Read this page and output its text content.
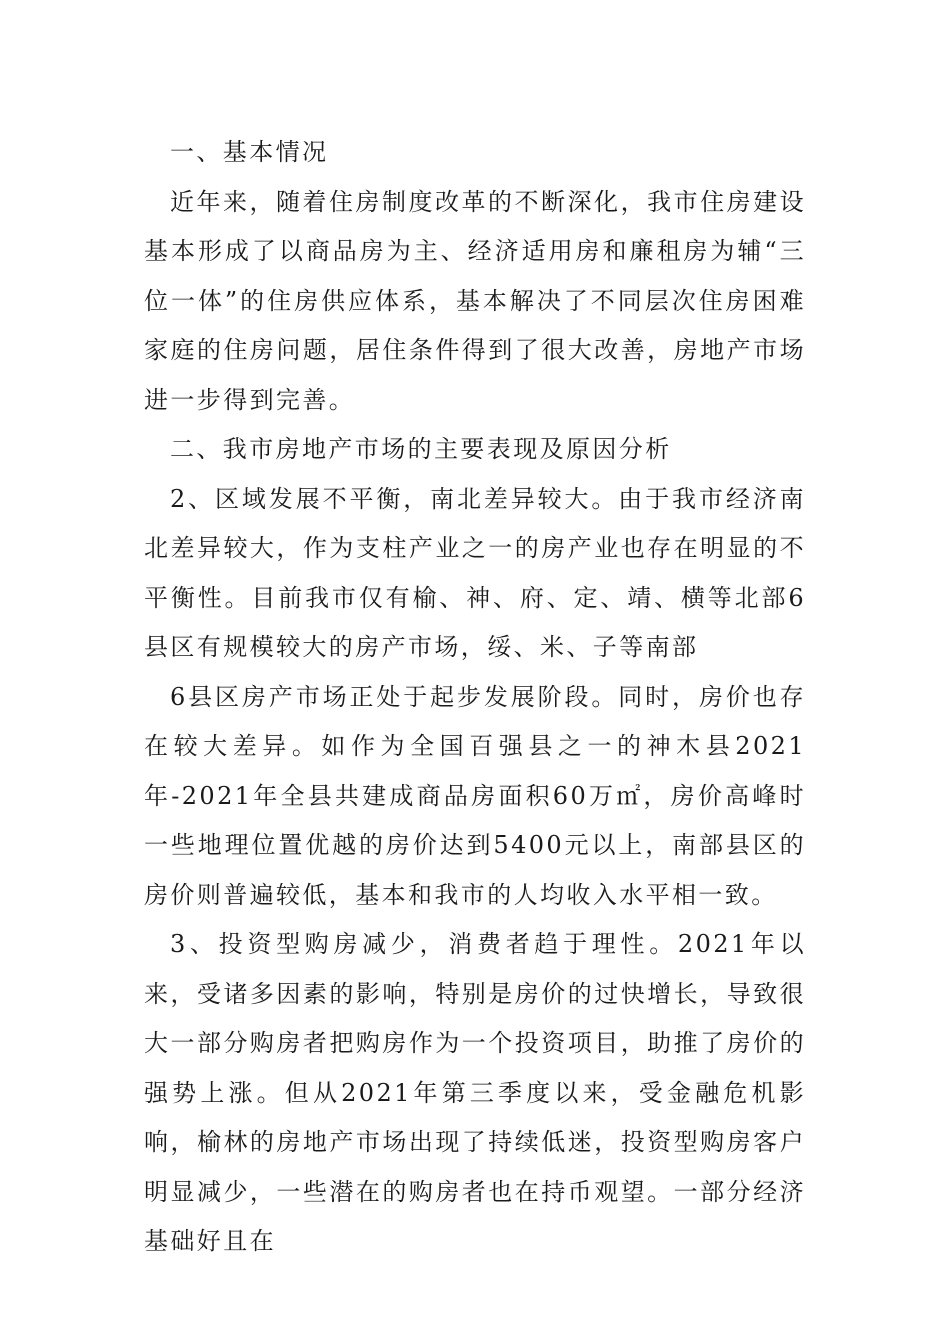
一、基本情况

近年来，随着住房制度改革的不断深化，我市住房建设基本形成了以商品房为主、经济适用房和廉租房为辅“三位一体”的住房供应体系，基本解决了不同层次住房困难家庭的住房问题，居住条件得到了很大改善，房地产市场进一步得到完善。

二、我市房地产市场的主要表现及原因分析

2、区域发展不平衡，南北差异较大。由于我市经济南北差异较大，作为支柱产业之一的房产业也存在明显的不平衡性。目前我市仅有榆、神、府、定、靖、横等北部6县区有规模较大的房产市场，绥、米、子等南部

6县区房产市场正处于起步发展阶段。同时，房价也存在较大差异。如作为全国百强县之一的神木县2021年-2021年全县共建成商品房面积60万㎡，房价高峰时一些地理位置优越的房价达到5400元以上，南部县区的房价则普遍较低，基本和我市的人均收入水平相一致。

3、投资型购房减少，消费者趋于理性。2021年以来，受诸多因素的影响，特别是房价的过快增长，导致很大一部分购房者把购房作为一个投资项目，助推了房价的强势上涨。但从2021年第三季度以来，受金融危机影响，榆林的房地产市场出现了持续低迷，投资型购房客户明显减少，一些潜在的购房者也在持币观望。一部分经济基础好且在
